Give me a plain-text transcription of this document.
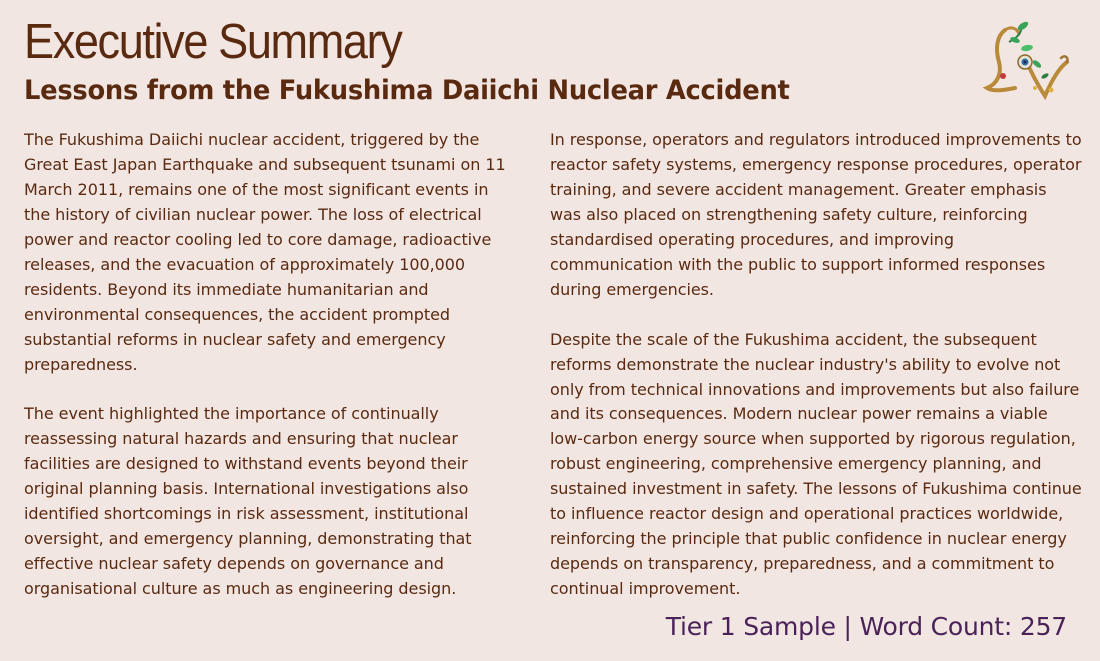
Executive Summary
Lessons from the Fukushima Daiichi Nuclear Accident

The Fukushima Daiichi nuclear accident, triggered by the Great East Japan Earthquake and subsequent tsunami on 11 March 2011, remains one of the most significant events in the history of civilian nuclear power. The loss of electrical power and reactor cooling led to core damage, radioactive releases, and the evacuation of approximately 100,000 residents. Beyond its immediate humanitarian and environmental consequences, the accident prompted substantial reforms in nuclear safety and emergency preparedness.

The event highlighted the importance of continually reassessing natural hazards and ensuring that nuclear facilities are designed to withstand events beyond their original planning basis. International investigations also identified shortcomings in risk assessment, institutional oversight, and emergency planning, demonstrating that effective nuclear safety depends on governance and organisational culture as much as engineering design.

In response, operators and regulators introduced improvements to reactor safety systems, emergency response procedures, operator training, and severe accident management. Greater emphasis was also placed on strengthening safety culture, reinforcing standardised operating procedures, and improving communication with the public to support informed responses during emergencies.

Despite the scale of the Fukushima accident, the subsequent reforms demonstrate the nuclear industry's ability to evolve not only from technical innovations and improvements but also failure and its consequences. Modern nuclear power remains a viable low-carbon energy source when supported by rigorous regulation, robust engineering, comprehensive emergency planning, and sustained investment in safety. The lessons of Fukushima continue to influence reactor design and operational practices worldwide, reinforcing the principle that public confidence in nuclear energy depends on transparency, preparedness, and a commitment to continual improvement.

Tier 1 Sample | Word Count: 257
